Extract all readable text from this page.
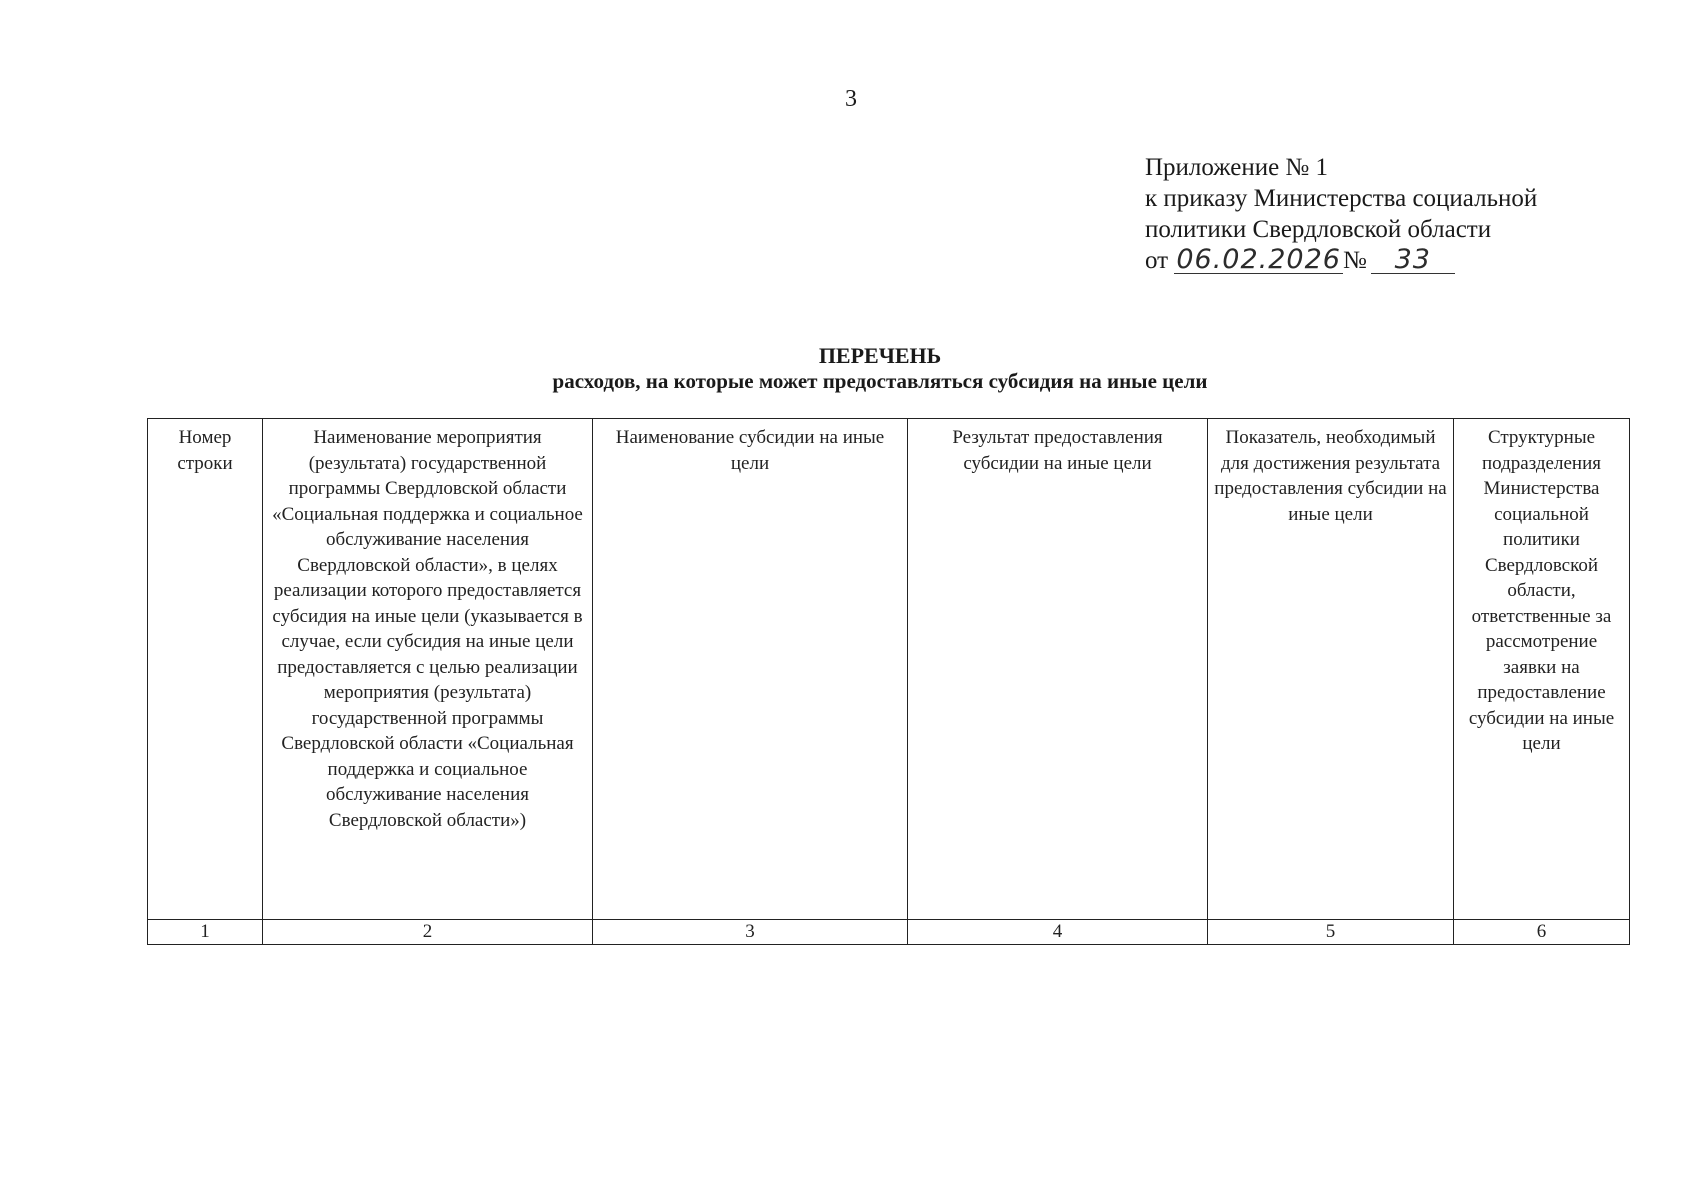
3
Приложение № 1
к приказу Министерства социальной
политики Свердловской области
от 06.02.2026№ 33
ПЕРЕЧЕНЬ
расходов, на которые может предоставляться субсидия на иные цели
Номер строки	Наименование мероприятия (результата) государственной программы Свердловской области «Социальная поддержка и социальное обслуживание населения Свердловской области», в целях реализации которого предоставляется субсидия на иные цели (указывается в случае, если субсидия на иные цели предоставляется с целью реализации мероприятия (результата) государственной программы Свердловской области «Социальная поддержка и социальное обслуживание населения Свердловской области»)	Наименование субсидии на иные цели	Результат предоставления субсидии на иные цели	Показатель, необходимый для достижения результата предоставления субсидии на иные цели	Структурные подразделения Министерства социальной политики Свердловской области, ответственные за рассмотрение заявки на предоставление субсидии на иные цели
1	2	3	4	5	6
